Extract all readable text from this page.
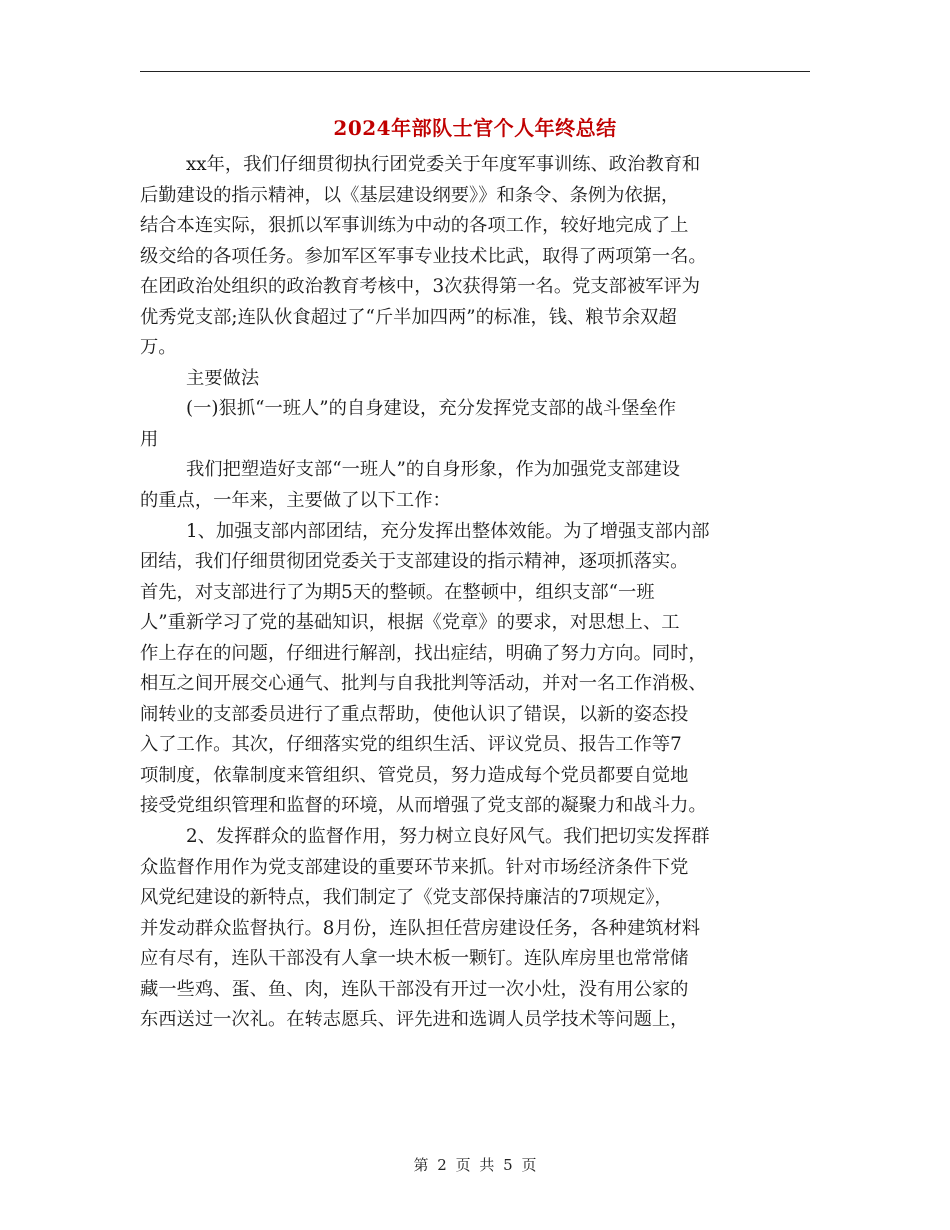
2024年部队士官个人年终总结
xx年，我们仔细贯彻执行团党委关于年度军事训练、政治教育和
后勤建设的指示精神，以《基层建设纲要》》和条令、条例为依据，
结合本连实际，狠抓以军事训练为中动的各项工作，较好地完成了上
级交给的各项任务。参加军区军事专业技术比武，取得了两项第一名。
在团政治处组织的政治教育考核中，3次获得第一名。党支部被军评为
优秀党支部;连队伙食超过了“斤半加四两”的标准，钱、粮节余双超
万。
主要做法
(一)狠抓“一班人”的自身建设，充分发挥党支部的战斗堡垒作
用
我们把塑造好支部“一班人”的自身形象，作为加强党支部建设
的重点，一年来，主要做了以下工作：
1、加强支部内部团结，充分发挥出整体效能。为了增强支部内部
团结，我们仔细贯彻团党委关于支部建设的指示精神，逐项抓落实。
首先，对支部进行了为期5天的整顿。在整顿中，组织支部“一班
人”重新学习了党的基础知识，根据《党章》的要求，对思想上、工
作上存在的问题，仔细进行解剖，找出症结，明确了努力方向。同时，
相互之间开展交心通气、批判与自我批判等活动，并对一名工作消极、
闹转业的支部委员进行了重点帮助，使他认识了错误，以新的姿态投
入了工作。其次，仔细落实党的组织生活、评议党员、报告工作等7
项制度，依靠制度来管组织、管党员，努力造成每个党员都要自觉地
接受党组织管理和监督的环境，从而增强了党支部的凝聚力和战斗力。
2、发挥群众的监督作用，努力树立良好风气。我们把切实发挥群
众监督作用作为党支部建设的重要环节来抓。针对市场经济条件下党
风党纪建设的新特点，我们制定了《党支部保持廉洁的7项规定》，
并发动群众监督执行。8月份，连队担任营房建设任务，各种建筑材料
应有尽有，连队干部没有人拿一块木板一颗钉。连队库房里也常常储
藏一些鸡、蛋、鱼、肉，连队干部没有开过一次小灶，没有用公家的
东西送过一次礼。在转志愿兵、评先进和选调人员学技术等问题上，
第 2 页 共 5 页
